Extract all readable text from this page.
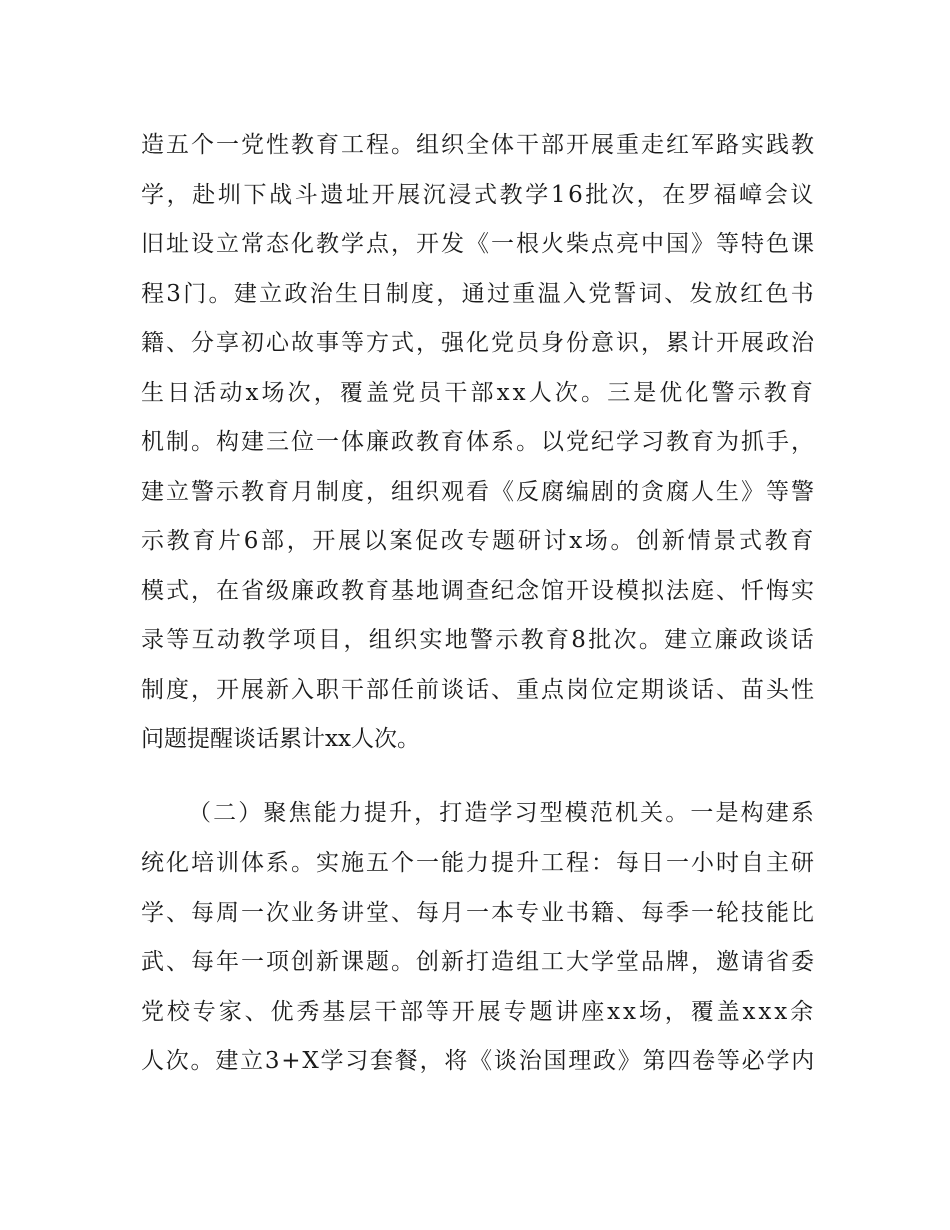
造五个一党性教育工程。组织全体干部开展重走红军路实践教
学，赴圳下战斗遗址开展沉浸式教学16批次，在罗福嶂会议
旧址设立常态化教学点，开发《一根火柴点亮中国》等特色课
程3门。建立政治生日制度，通过重温入党誓词、发放红色书
籍、分享初心故事等方式，强化党员身份意识，累计开展政治
生日活动x场次，覆盖党员干部xx人次。三是优化警示教育
机制。构建三位一体廉政教育体系。以党纪学习教育为抓手，
建立警示教育月制度，组织观看《反腐编剧的贪腐人生》等警
示教育片6部，开展以案促改专题研讨x场。创新情景式教育
模式，在省级廉政教育基地调查纪念馆开设模拟法庭、忏悔实
录等互动教学项目，组织实地警示教育8批次。建立廉政谈话
制度，开展新入职干部任前谈话、重点岗位定期谈话、苗头性
问题提醒谈话累计xx人次。
（二）聚焦能力提升，打造学习型模范机关。一是构建系
统化培训体系。实施五个一能力提升工程：每日一小时自主研
学、每周一次业务讲堂、每月一本专业书籍、每季一轮技能比
武、每年一项创新课题。创新打造组工大学堂品牌，邀请省委
党校专家、优秀基层干部等开展专题讲座xx场，覆盖xxx余
人次。建立3+X学习套餐，将《谈治国理政》第四卷等必学内
